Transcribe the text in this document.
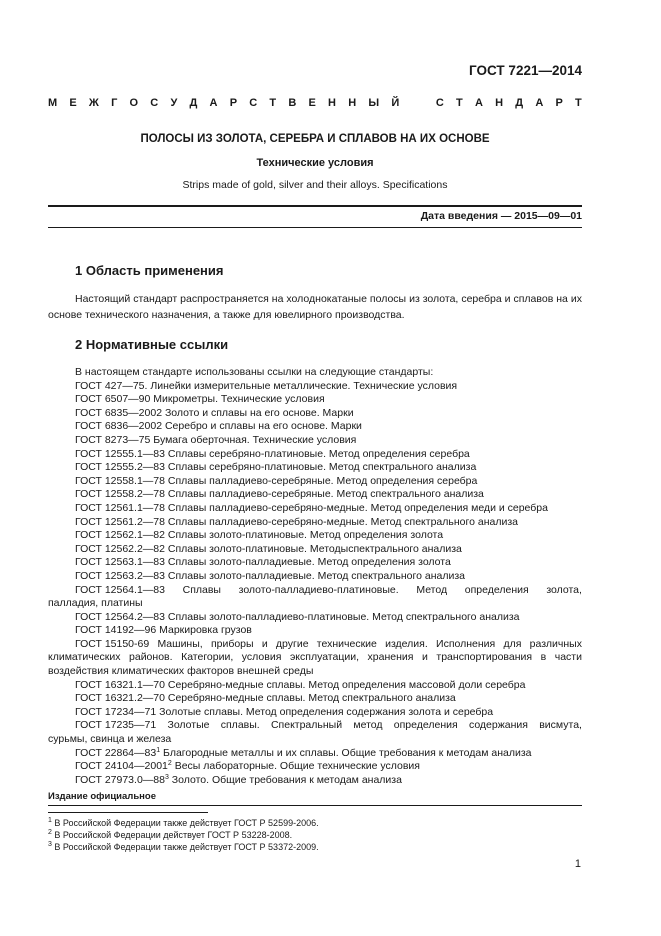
ГОСТ 7221—2014
М Е Ж Г О С У Д А Р С Т В Е Н Н Ы Й	С Т А Н Д А Р Т
ПОЛОСЫ ИЗ ЗОЛОТА, СЕРЕБРА И СПЛАВОВ НА ИХ ОСНОВЕ
Технические условия
Strips made of gold, silver and their alloys. Specifications
Дата введения — 2015—09—01
1 Область применения
Настоящий стандарт распространяется на холоднокатаные полосы из золота, серебра и сплавов на их основе технического назначения, а также для ювелирного производства.
2 Нормативные ссылки
В настоящем стандарте использованы ссылки на следующие стандарты:
ГОСТ 427—75. Линейки измерительные металлические. Технические условия
ГОСТ 6507—90 Микрометры. Технические условия
ГОСТ 6835—2002 Золото и сплавы на его основе. Марки
ГОСТ 6836—2002 Серебро и сплавы на его основе. Марки
ГОСТ 8273—75 Бумага оберточная. Технические условия
ГОСТ 12555.1—83 Сплавы серебряно-платиновые. Метод определения серебра
ГОСТ 12555.2—83 Сплавы серебряно-платиновые. Метод спектрального анализа
ГОСТ 12558.1—78 Сплавы палладиево-серебряные. Метод определения серебра
ГОСТ 12558.2—78 Сплавы палладиево-серебряные. Метод спектрального анализа
ГОСТ 12561.1—78 Сплавы палладиево-серебряно-медные. Метод определения меди и серебра
ГОСТ 12561.2—78 Сплавы палладиево-серебряно-медные. Метод спектрального анализа
ГОСТ 12562.1—82 Сплавы золото-платиновые. Метод определения золота
ГОСТ 12562.2—82 Сплавы золото-платиновые. Методыспектрального анализа
ГОСТ 12563.1—83 Сплавы золото-палладиевые. Метод определения золота
ГОСТ 12563.2—83 Сплавы золото-палладиевые. Метод спектрального анализа
ГОСТ 12564.1—83 Сплавы золото-палладиево-платиновые. Метод определения золота,
палладия, платины
ГОСТ 12564.2—83 Сплавы золото-палладиево-платиновые. Метод спектрального анализа
ГОСТ 14192—96 Маркировка грузов
ГОСТ 15150-69 Машины, приборы и другие технические изделия. Исполнения для различных
климатических районов. Категории, условия эксплуатации, хранения и транспортирования в части
воздействия климатических факторов внешней среды
ГОСТ 16321.1—70 Серебряно-медные сплавы. Метод определения массовой доли серебра
ГОСТ 16321.2—70 Серебряно-медные сплавы. Метод спектрального анализа
ГОСТ 17234—71 Золотые сплавы. Метод определения содержания золота и серебра
ГОСТ 17235—71 Золотые сплавы. Спектральный метод определения содержания висмута,
сурьмы, свинца и железа
ГОСТ $22864—83^1$ Благородные металлы и их сплавы. Общие требования к методам анализа
ГОСТ 24104—2001$^2$ Весы лабораторные. Общие технические условия
ГОСТ $27973.0—88^3$ Золото. Общие требования к методам анализа
Издание официальное
$^1$ В Российской Федерации также действует ГОСТ Р 52599-2006.
$^2$ В Российской Федерации действует ГОСТ Р 53228-2008.
$^3$ В Российской Федерации также действует ГОСТ Р 53372-2009.
1
